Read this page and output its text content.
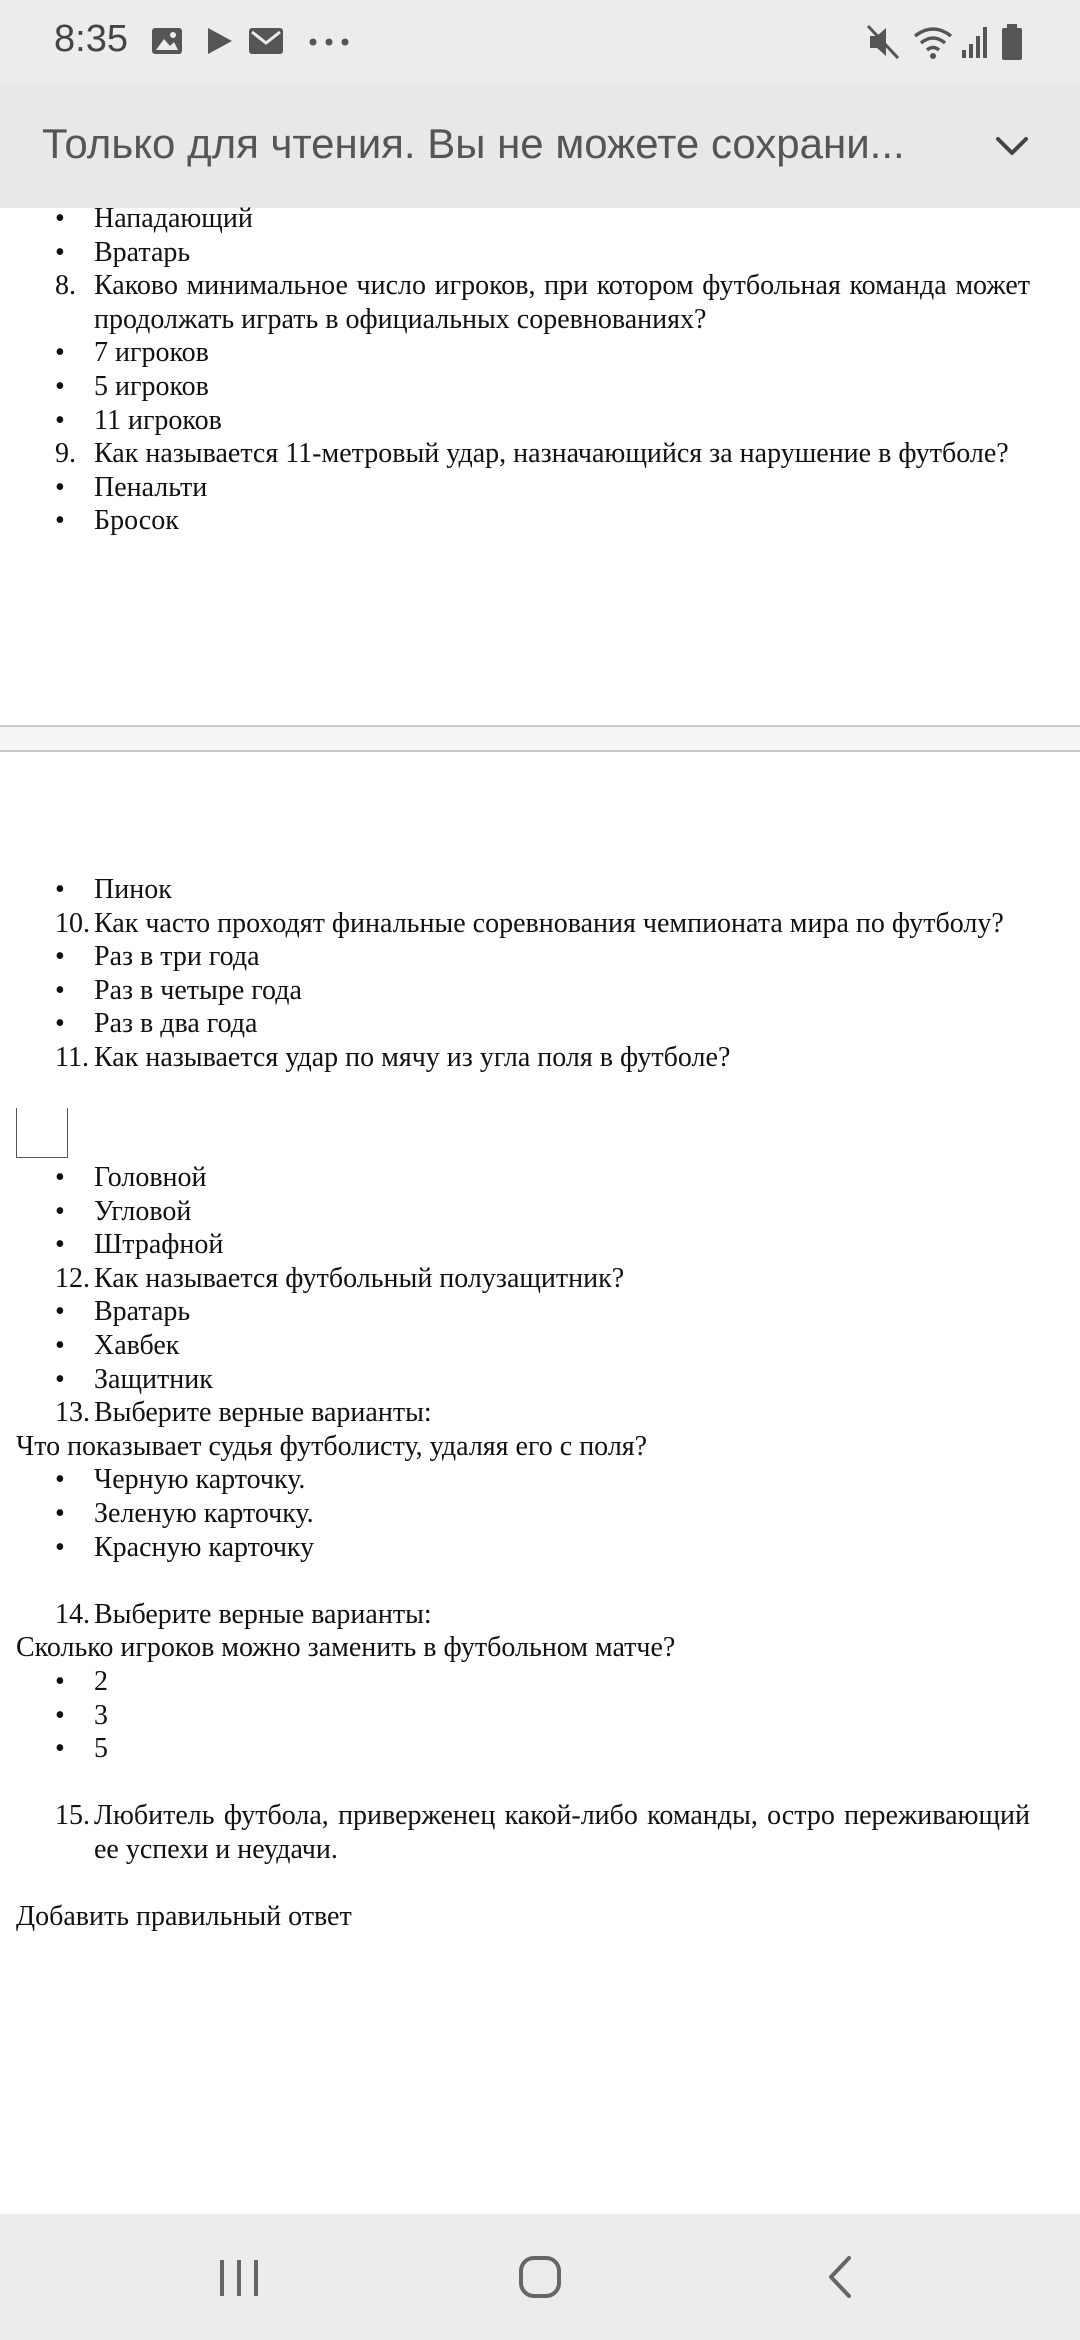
8:35
Только для чтения. Вы не можете сохрани...
•	Нападающий
•	Вратарь
8. Каково минимальное число игроков, при котором футбольная команда может продолжать играть в официальных соревнованиях?
•	7 игроков
•	5 игроков
•	11 игроков
9. Как называется 11-метровый удар, назначающийся за нарушение в футболе?
•	Пенальти
•	Бросок
•	Пинок
10. Как часто проходят финальные соревнования чемпионата мира по футболу?
•	Раз в три года
•	Раз в четыре года
•	Раз в два года
11. Как называется удар по мячу из угла поля в футболе?
•	Головной
•	Угловой
•	Штрафной
12. Как называется футбольный полузащитник?
•	Вратарь
•	Хавбек
•	Защитник
13. Выберите верные варианты:
Что показывает судья футболисту, удаляя его с поля?
•	Черную карточку.
•	Зеленую карточку.
•	Красную карточку
14. Выберите верные варианты:
Сколько игроков можно заменить в футбольном матче?
•	2
•	3
•	5
15. Любитель футбола, приверженец какой-либо команды, остро переживающий ее успехи и неудачи.
Добавить правильный ответ
